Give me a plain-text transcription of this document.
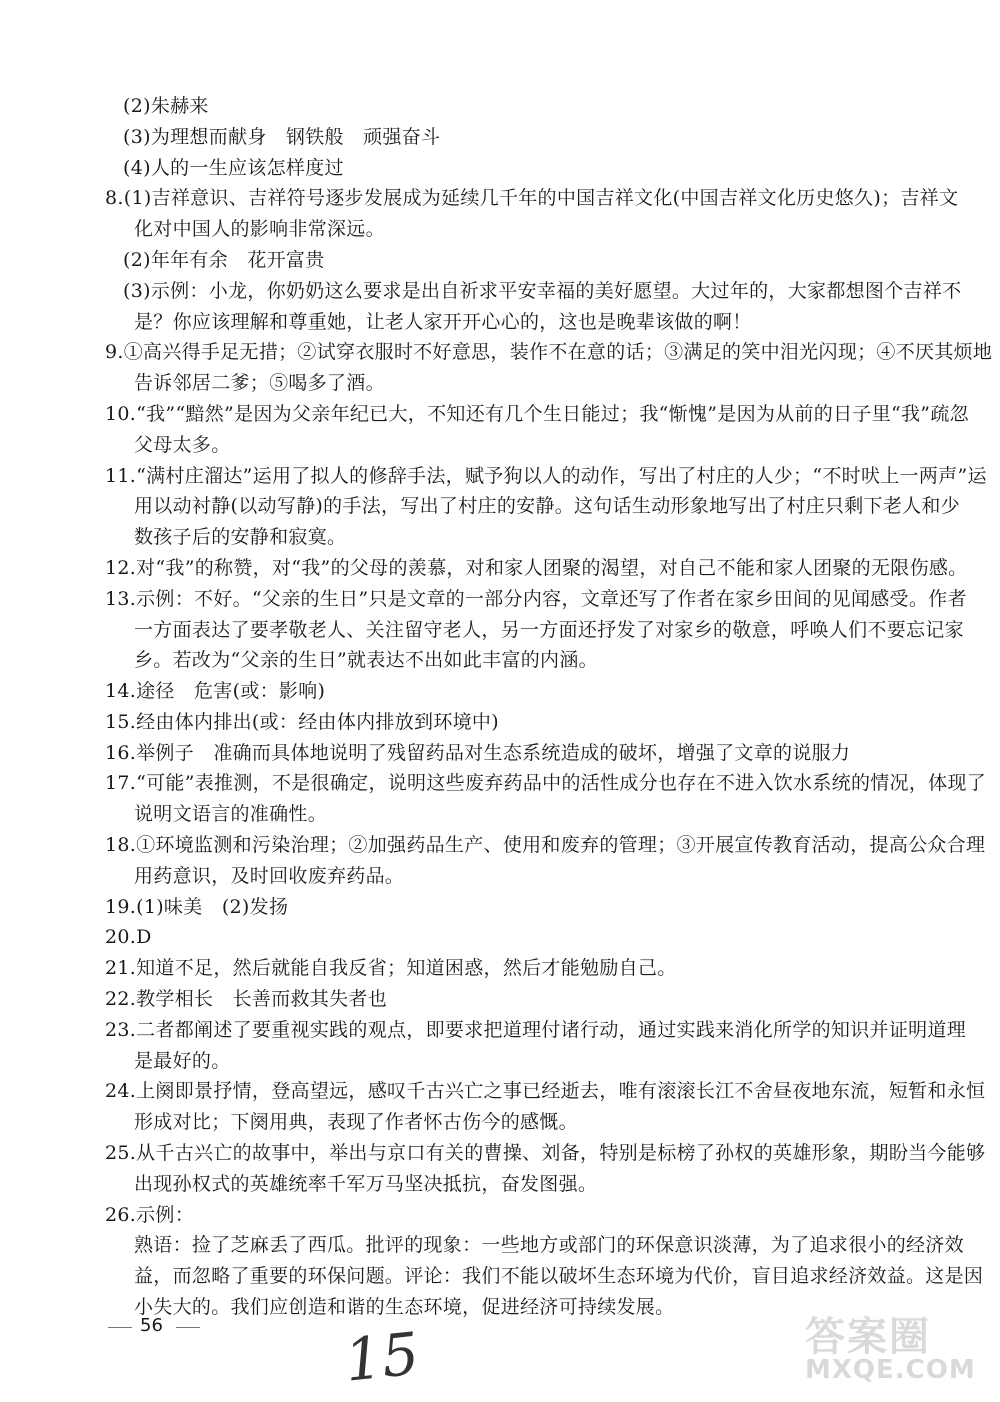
(2)朱赫来
(3)为理想而献身　钢铁般　顽强奋斗
(4)人的一生应该怎样度过
8.(1)吉祥意识、吉祥符号逐步发展成为延续几千年的中国吉祥文化(中国吉祥文化历史悠久)；吉祥文
化对中国人的影响非常深远。
(2)年年有余　花开富贵
(3)示例：小龙，你奶奶这么要求是出自祈求平安幸福的美好愿望。大过年的，大家都想图个吉祥不
是？你应该理解和尊重她，让老人家开开心心的，这也是晚辈该做的啊！
9.①高兴得手足无措；②试穿衣服时不好意思，装作不在意的话；③满足的笑中泪光闪现；④不厌其烦地
告诉邻居二爹；⑤喝多了酒。
10.“我”“黯然”是因为父亲年纪已大，不知还有几个生日能过；我“惭愧”是因为从前的日子里“我”疏忽
父母太多。
11.“满村庄溜达”运用了拟人的修辞手法，赋予狗以人的动作，写出了村庄的人少；“不时吠上一两声”运
用以动衬静(以动写静)的手法，写出了村庄的安静。这句话生动形象地写出了村庄只剩下老人和少
数孩子后的安静和寂寞。
12.对“我”的称赞，对“我”的父母的羡慕，对和家人团聚的渴望，对自己不能和家人团聚的无限伤感。
13.示例：不好。“父亲的生日”只是文章的一部分内容，文章还写了作者在家乡田间的见闻感受。作者
一方面表达了要孝敬老人、关注留守老人，另一方面还抒发了对家乡的敬意，呼唤人们不要忘记家
乡。若改为“父亲的生日”就表达不出如此丰富的内涵。
14.途径　危害(或：影响)
15.经由体内排出(或：经由体内排放到环境中)
16.举例子　准确而具体地说明了残留药品对生态系统造成的破坏，增强了文章的说服力
17.“可能”表推测，不是很确定，说明这些废弃药品中的活性成分也存在不进入饮水系统的情况，体现了
说明文语言的准确性。
18.①环境监测和污染治理；②加强药品生产、使用和废弃的管理；③开展宣传教育活动，提高公众合理
用药意识，及时回收废弃药品。
19.(1)味美　(2)发扬
20.D
21.知道不足，然后就能自我反省；知道困惑，然后才能勉励自己。
22.教学相长　长善而救其失者也
23.二者都阐述了要重视实践的观点，即要求把道理付诸行动，通过实践来消化所学的知识并证明道理
是最好的。
24.上阕即景抒情，登高望远，感叹千古兴亡之事已经逝去，唯有滚滚长江不舍昼夜地东流，短暂和永恒
形成对比；下阕用典，表现了作者怀古伤今的感慨。
25.从千古兴亡的故事中，举出与京口有关的曹操、刘备，特别是标榜了孙权的英雄形象，期盼当今能够
出现孙权式的英雄统率千军万马坚决抵抗，奋发图强。
26.示例：
熟语：捡了芝麻丢了西瓜。批评的现象：一些地方或部门的环保意识淡薄，为了追求很小的经济效
益，而忽略了重要的环保问题。评论：我们不能以破坏生态环境为代价，盲目追求经济效益。这是因
小失大的。我们应创造和谐的生态环境，促进经济可持续发展。
56	15	答案圈
MXQE.COM
